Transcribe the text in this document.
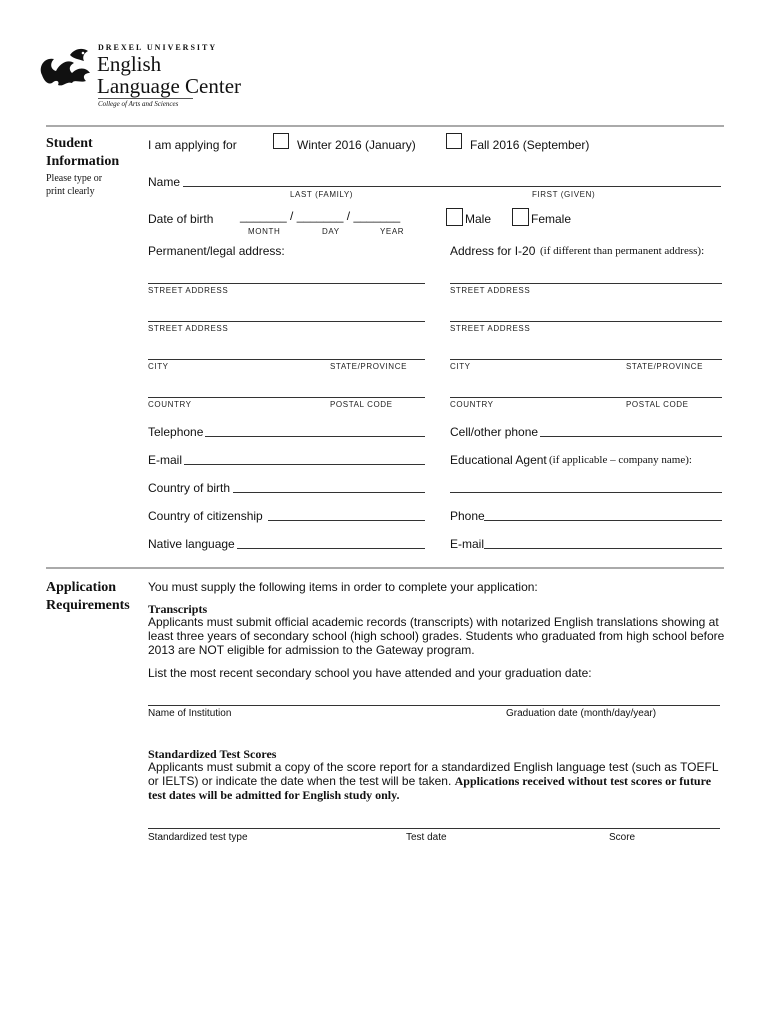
DREXEL UNIVERSITY
English
Language Center
College of Arts and Sciences
Student
Information
Please type or
print clearly
I am applying for	Winter 2016 (January)	Fall 2016 (September)
Name
LAST (FAMILY)	FIRST (GIVEN)
Date of birth _______ / _______ / _______
MONTH	DAY	YEAR
Male	Female
Permanent/legal address:	Address for I-20 (if different than permanent address):
STREET ADDRESS
STREET ADDRESS
CITY	STATE/PROVINCE
COUNTRY	POSTAL CODE
STREET ADDRESS
STREET ADDRESS
CITY	STATE/PROVINCE
COUNTRY	POSTAL CODE
Telephone	Cell/other phone
E-mail	Educational Agent (if applicable – company name):
Country of birth
Country of citizenship	Phone
Native language	E-mail
Application
Requirements
You must supply the following items in order to complete your application:
Transcripts
Applicants must submit official academic records (transcripts) with notarized English translations showing at least three years of secondary school (high school) grades. Students who graduated from high school before 2013 are NOT eligible for admission to the Gateway program.
List the most recent secondary school you have attended and your graduation date:
Name of Institution	Graduation date (month/day/year)
Standardized Test Scores
Applicants must submit a copy of the score report for a standardized English language test (such as TOEFL or IELTS) or indicate the date when the test will be taken. Applications received without test scores or future test dates will be admitted for English study only.
Standardized test type	Test date	Score
